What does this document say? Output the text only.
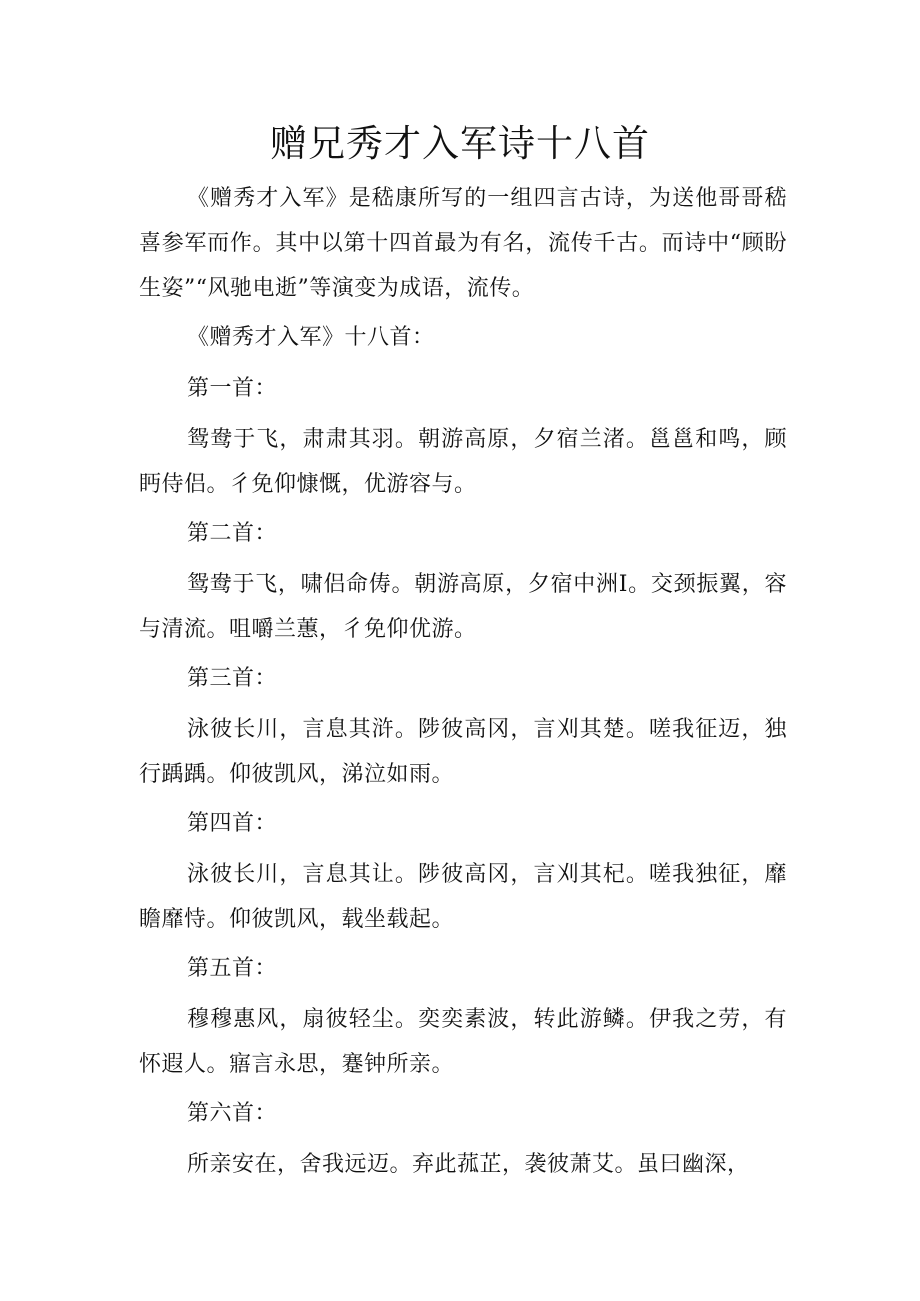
赠兄秀才入军诗十八首

《赠秀才入军》是嵇康所写的一组四言古诗，为送他哥哥嵇喜参军而作。其中以第十四首最为有名，流传千古。而诗中“顾盼生姿”“风驰电逝”等演变为成语，流传。

《赠秀才入军》十八首：

第一首：

鸳鸯于飞，肃肃其羽。朝游高原，夕宿兰渚。邕邕和鸣，顾眄侍侣。彳免仰慷慨，优游容与。

第二首：

鸳鸯于飞，啸侣命俦。朝游高原，夕宿中洲Ⅰ。交颈振翼，容与清流。咀嚼兰蕙，彳免仰优游。

第三首：

泳彼长川，言息其浒。陟彼高冈，言刈其楚。嗟我征迈，独行踽踽。仰彼凯风，涕泣如雨。

第四首：

泳彼长川，言息其让。陟彼高冈，言刈其杞。嗟我独征，靡瞻靡恃。仰彼凯风，载坐载起。

第五首：

穆穆惠风，扇彼轻尘。奕奕素波，转此游鳞。伊我之劳，有怀遐人。寤言永思，蹇钟所亲。

第六首：

所亲安在，舍我远迈。弃此菰芷，袭彼萧艾。虽曰幽深，
